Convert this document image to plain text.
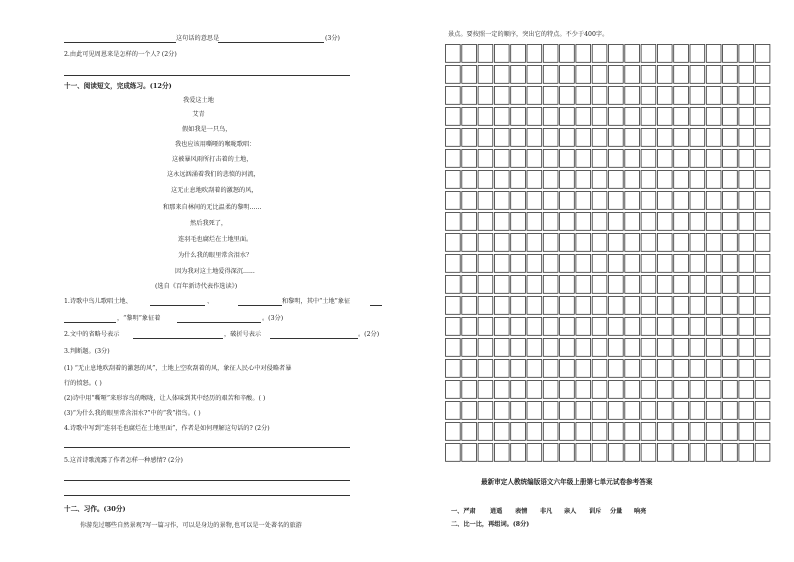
这句话的意思是	(3分)
2.由此可见周恩来是怎样的一个人? (2分)
十一、阅读短文，完成练习。(12分)
我爱这土地
艾青
假如我是一只鸟，
我也应该用嘶哑的喉咙歌唱：
这被暴风雨所打击着的土地，
这永远汹涌着我们的悲愤的河流，
这无止息地吹刮着的激怒的风，
和那来自林间的无比温柔的黎明......
然后我死了，
连羽毛也腐烂在土地里面。
为什么我的眼里常含泪水？
因为我对这土地爱得深沉......
(选自《百年新诗代表作选读》)
1.诗歌中鸟儿歌唱土地、	、	和黎明，其中“土地”象征
，“黎明”象征着	。(3分)
2.文中的省略号表示	，破折号表示	。(2分)
3.判断题。(3分)
(1) “无止息地吹刮着的激怒的风”，土地上空吹刮着的风，象征人民心中对侵略者暴
行的愤怒。( )
(2)诗中用“嘶哑”来形容鸟的喉咙，让人体味到其中经历的艰苦和辛酸。( )
(3)“为什么我的眼里常含泪水?”中的“我”指鸟。( )
4.诗歌中写到“连羽毛也腐烂在土地里面”，作者是如何理解这句话的? (2分)
5.这首诗歌流露了作者怎样一种感情? (2分)
十二、习作。(30分)
你游览过哪些自然景观?写一篇习作，可以是身边的景物,也可以是一处著名的旅游
景点。要按照一定的顺序，突出它的特点。不少于400字。
最新审定人教统编版语文六年级上册第七单元试卷参考答案
一、严肃 逍遥 表情 非凡 亲人 训斥 分量 响亮
二、比一比，再组词。(8分)
